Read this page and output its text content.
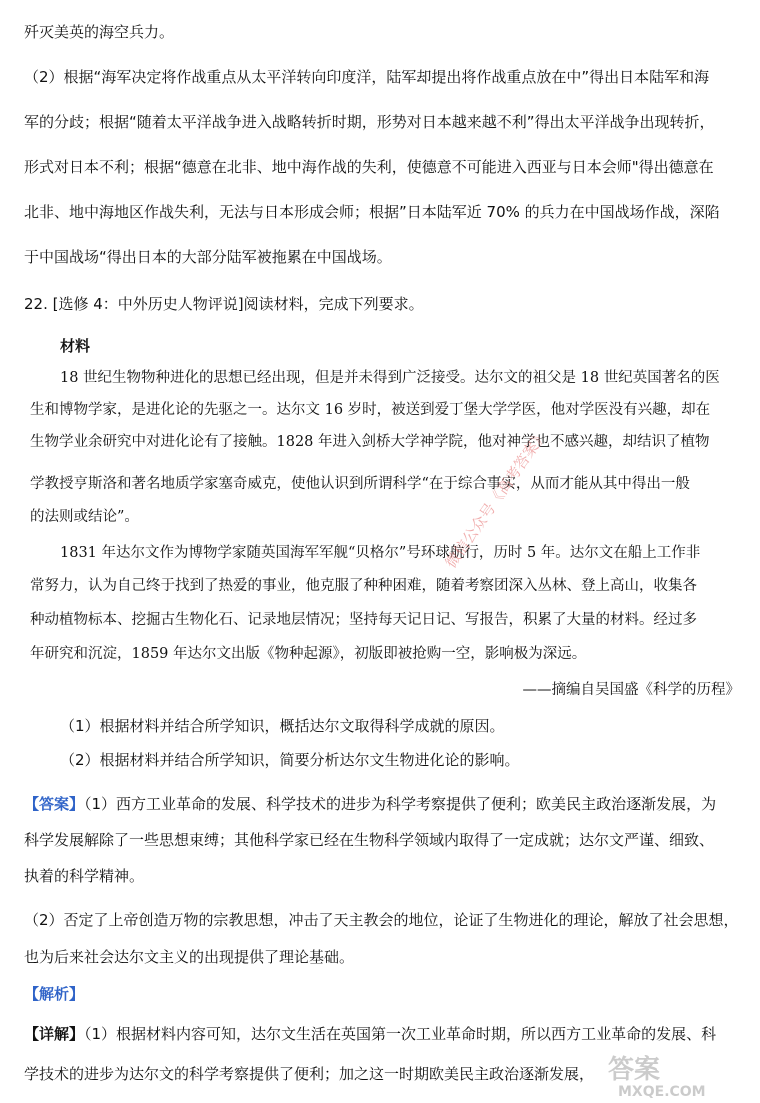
歼灭美英的海空兵力。
（2）根据“海军决定将作战重点从太平洋转向印度洋，陆军却提出将作战重点放在中”得出日本陆军和海
军的分歧；根据“随着太平洋战争进入战略转折时期，形势对日本越来越不利”得出太平洋战争出现转折，
形式对日本不利；根据“德意在北非、地中海作战的失利，使德意不可能进入西亚与日本会师"得出德意在
北非、地中海地区作战失利，无法与日本形成会师；根据”日本陆军近 70% 的兵力在中国战场作战，深陷
于中国战场“得出日本的大部分陆军被拖累在中国战场。
22. [选修 4：中外历史人物评说]阅读材料，完成下列要求。
材料
18 世纪生物物种进化的思想已经出现，但是并未得到广泛接受。达尔文的祖父是 18 世纪英国著名的医
生和博物学家，是进化论的先驱之一。达尔文 16 岁时，被送到爱丁堡大学学医，他对学医没有兴趣，却在
生物学业余研究中对进化论有了接触。1828 年进入剑桥大学神学院，他对神学也不感兴趣，却结识了植物
学教授亨斯洛和著名地质学家塞奇威克，使他认识到所谓科学“在于综合事实，从而才能从其中得出一般
的法则或结论”。
1831 年达尔文作为博物学家随英国海军军舰“贝格尔”号环球航行，历时 5 年。达尔文在船上工作非
常努力，认为自己终于找到了热爱的事业，他克服了种种困难，随着考察团深入丛林、登上高山，收集各
种动植物标本、挖掘古生物化石、记录地层情况；坚持每天记日记、写报告，积累了大量的材料。经过多
年研究和沉淀，1859 年达尔文出版《物种起源》，初版即被抢购一空，影响极为深远。
——摘编自吴国盛《科学的历程》
（1）根据材料并结合所学知识，概括达尔文取得科学成就的原因。
（2）根据材料并结合所学知识，简要分析达尔文生物进化论的影响。
【答案】（1）西方工业革命的发展、科学技术的进步为科学考察提供了便利；欧美民主政治逐渐发展，为
科学发展解除了一些思想束缚；其他科学家已经在生物科学领域内取得了一定成就；达尔文严谨、细致、
执着的科学精神。
（2）否定了上帝创造万物的宗教思想，冲击了天主教会的地位，论证了生物进化的理论，解放了社会思想，
也为后来社会达尔文主义的出现提供了理论基础。
【解析】
【详解】（1）根据材料内容可知，达尔文生活在英国第一次工业革命时期，所以西方工业革命的发展、科
学技术的进步为达尔文的科学考察提供了便利；加之这一时期欧美民主政治逐渐发展，
微信公众号《高考答案》
答案
MXQE.COM
